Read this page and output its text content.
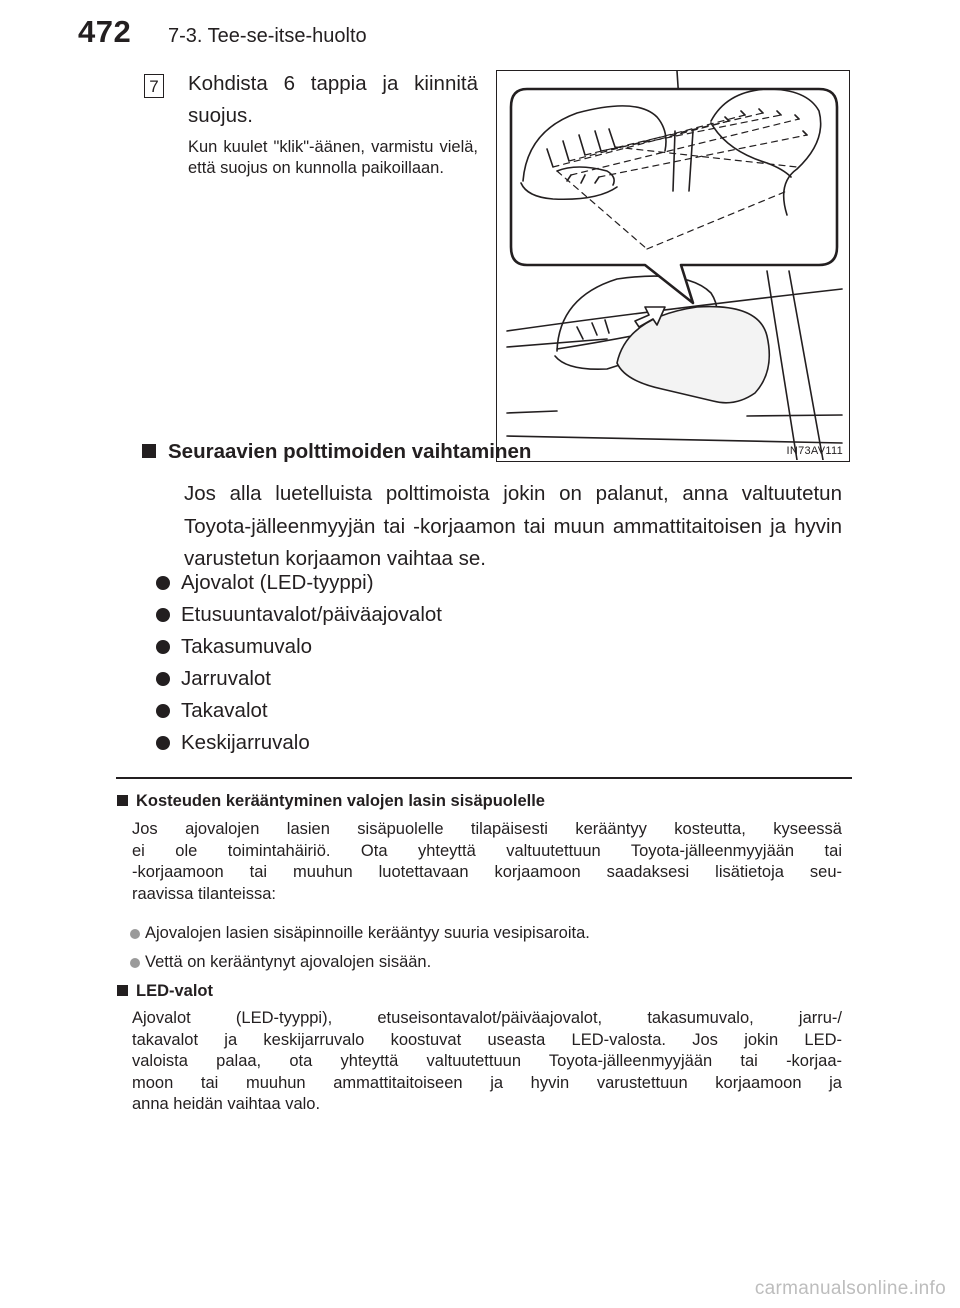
472 7-3. Tee-se-itse-huolto
7 Kohdista 6 tappia ja kiinnitä suojus.
Kun kuulet "klik"-äänen, varmistu vielä, että suojus on kunnolla paikoillaan.
IN73AV111
Seuraavien polttimoiden vaihtaminen
Jos alla luetelluista polttimoista jokin on palanut, anna valtuutetun Toyota-jälleenmyyjän tai -korjaamon tai muun ammattitaitoisen ja hyvin varustetun korjaamon vaihtaa se.
Ajovalot (LED-tyyppi)
Etusuuntavalot/päiväajovalot
Takasumuvalo
Jarruvalot
Takavalot
Keskijarruvalo
Kosteuden kerääntyminen valojen lasin sisäpuolelle
Jos ajovalojen lasien sisäpuolelle tilapäisesti kerääntyy kosteutta, kyseessä
ei ole toimintahäiriö. Ota yhteyttä valtuutettuun Toyota-jälleenmyyjään tai
-korjaamoon tai muuhun luotettavaan korjaamoon saadaksesi lisätietoja seu-
raavissa tilanteissa:
Ajovalojen lasien sisäpinnoille kerääntyy suuria vesipisaroita.
Vettä on kerääntynyt ajovalojen sisään.
LED-valot
Ajovalot (LED-tyyppi), etuseisontavalot/päiväajovalot, takasumuvalo, jarru-/
takavalot ja keskijarruvalo koostuvat useasta LED-valosta. Jos jokin LED-
valoista palaa, ota yhteyttä valtuutettuun Toyota-jälleenmyyjään tai -korjaa-
moon tai muuhun ammattitaitoiseen ja hyvin varustettuun korjaamoon ja
anna heidän vaihtaa valo.
carmanualsonline.info
